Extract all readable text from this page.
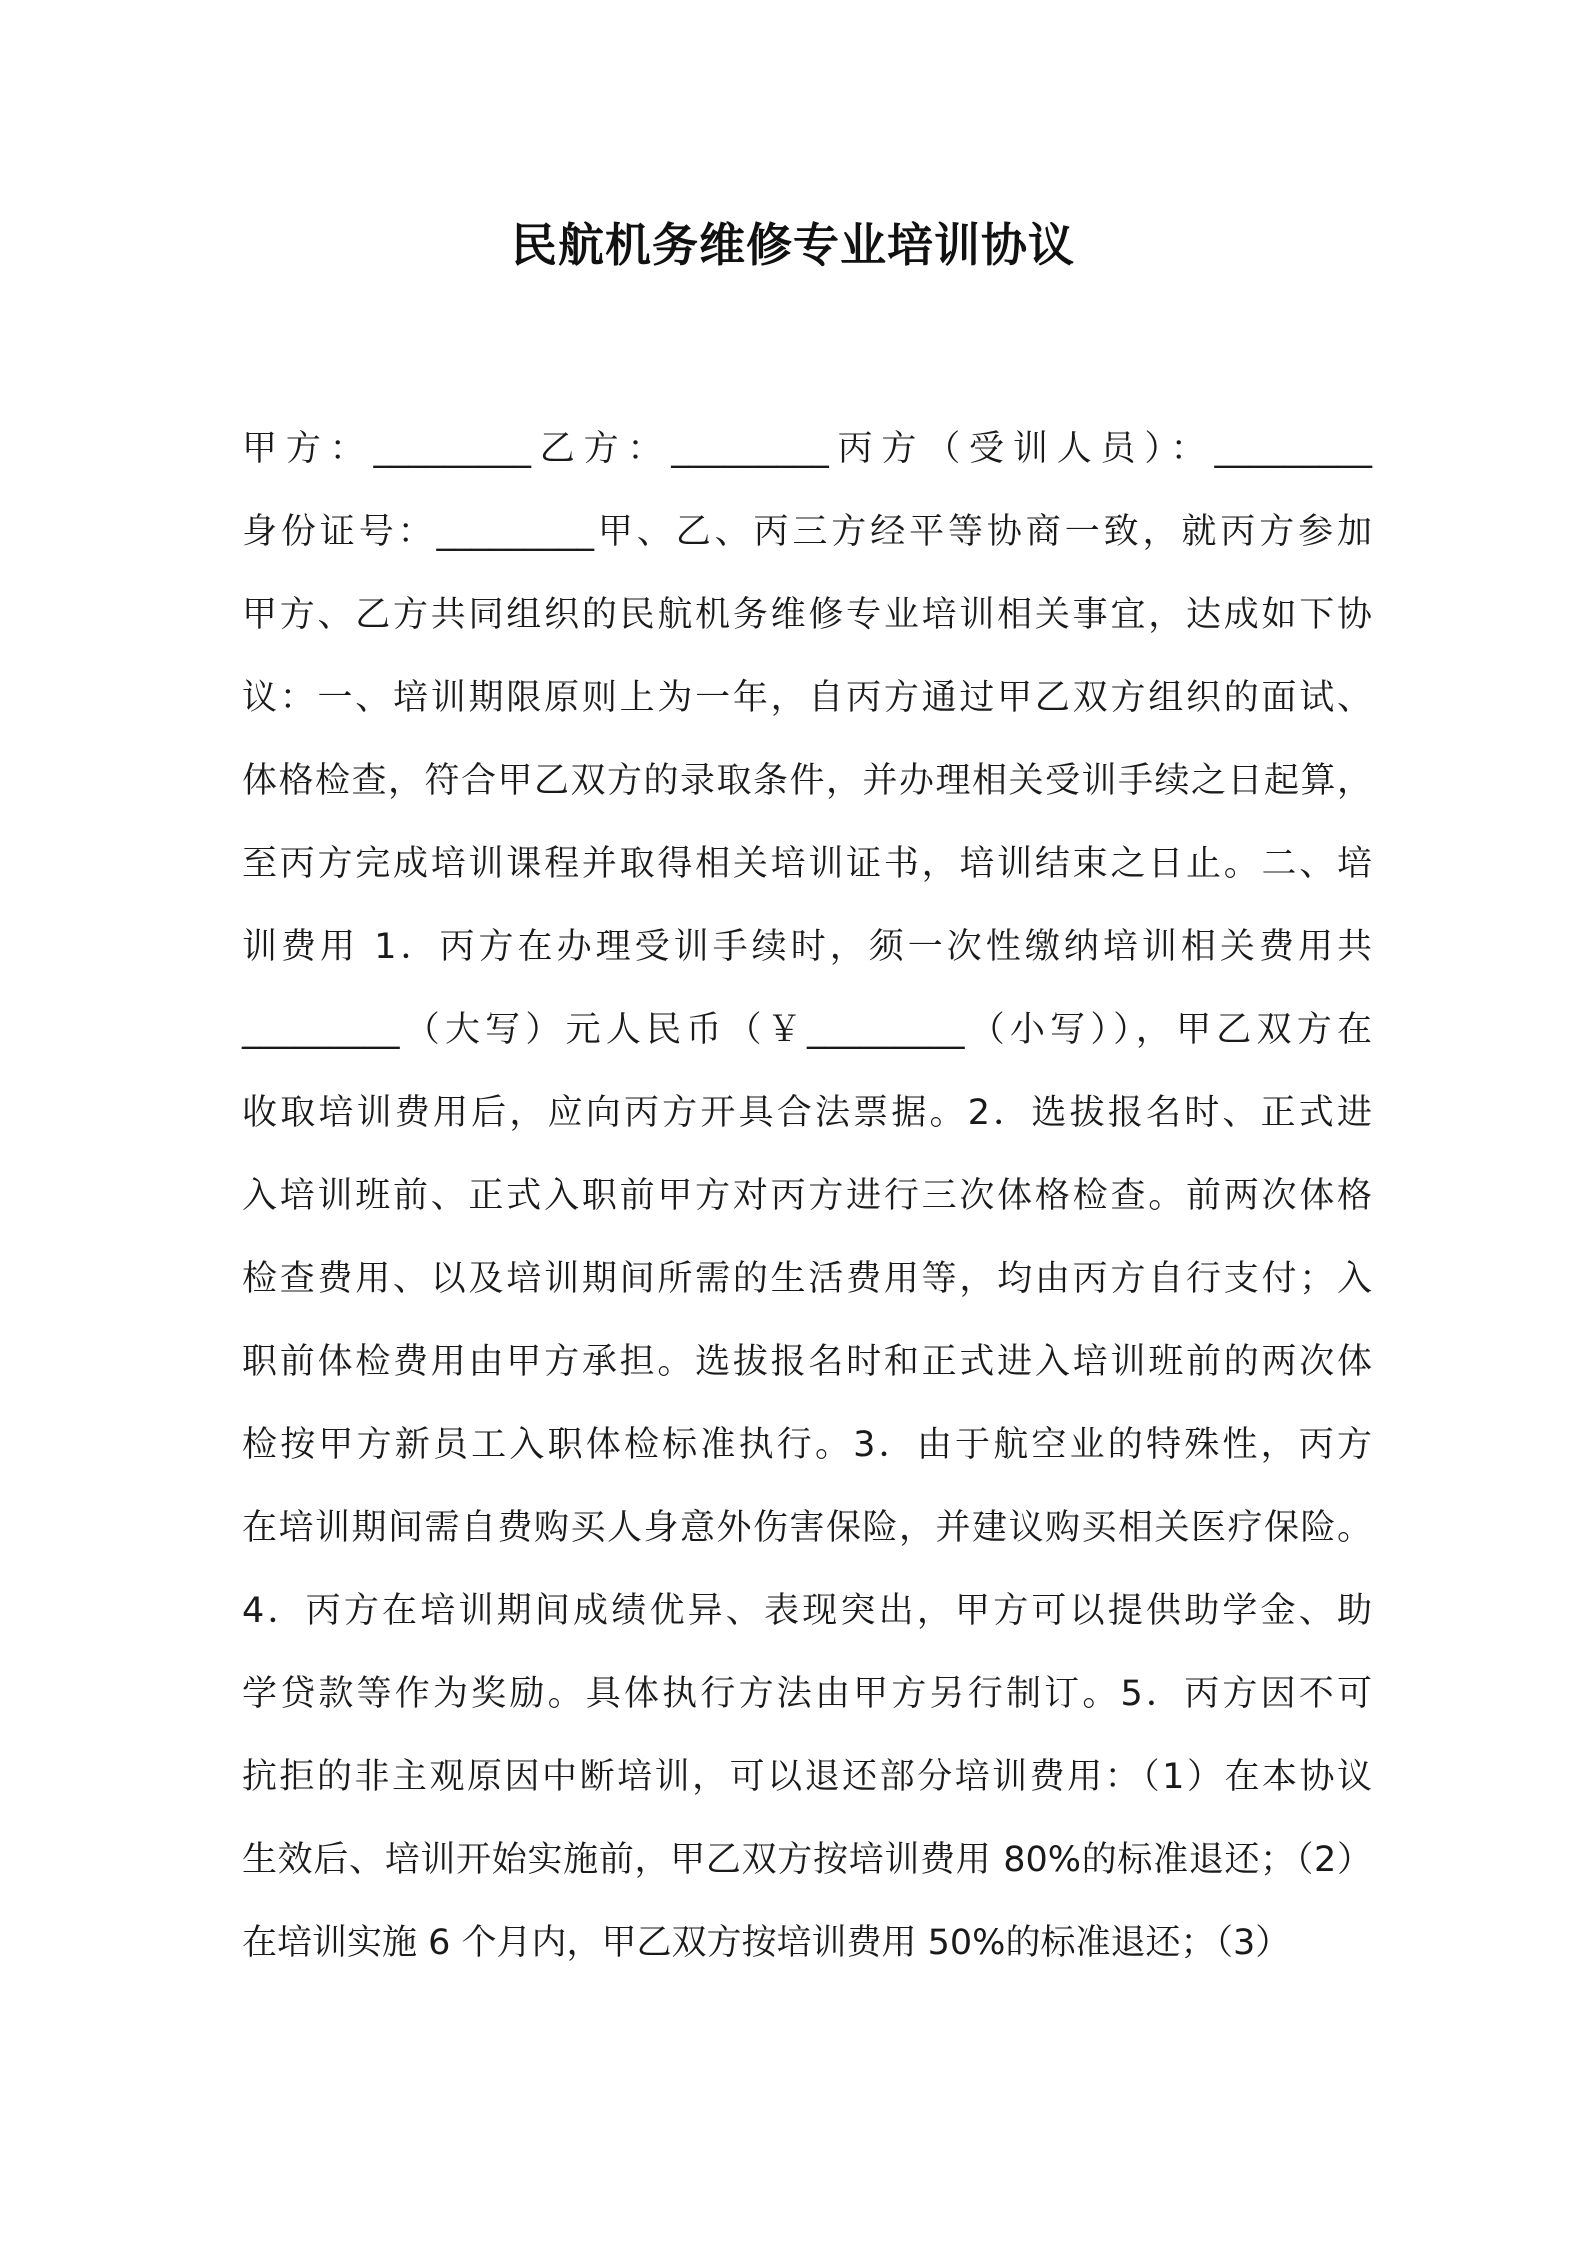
民航机务维修专业培训协议
甲方：_________乙方：_________丙方（受训人员）：_________
身份证号：_________甲、乙、丙三方经平等协商一致，就丙方参加
甲方、乙方共同组织的民航机务维修专业培训相关事宜，达成如下协
议：一、培训期限原则上为一年，自丙方通过甲乙双方组织的面试、
体格检查，符合甲乙双方的录取条件，并办理相关受训手续之日起算，
至丙方完成培训课程并取得相关培训证书，培训结束之日止。二、培
训费用 1．丙方在办理受训手续时，须一次性缴纳培训相关费用共
_________（大写）元人民币（￥_________（小写）），甲乙双方在
收取培训费用后，应向丙方开具合法票据。2．选拔报名时、正式进
入培训班前、正式入职前甲方对丙方进行三次体格检查。前两次体格
检查费用、以及培训期间所需的生活费用等，均由丙方自行支付；入
职前体检费用由甲方承担。选拔报名时和正式进入培训班前的两次体
检按甲方新员工入职体检标准执行。3．由于航空业的特殊性，丙方
在培训期间需自费购买人身意外伤害保险，并建议购买相关医疗保险。
4．丙方在培训期间成绩优异、表现突出，甲方可以提供助学金、助
学贷款等作为奖励。具体执行方法由甲方另行制订。5．丙方因不可
抗拒的非主观原因中断培训，可以退还部分培训费用：（1）在本协议
生效后、培训开始实施前，甲乙双方按培训费用 80%的标准退还；（2）
在培训实施 6 个月内，甲乙双方按培训费用 50%的标准退还；（3）
